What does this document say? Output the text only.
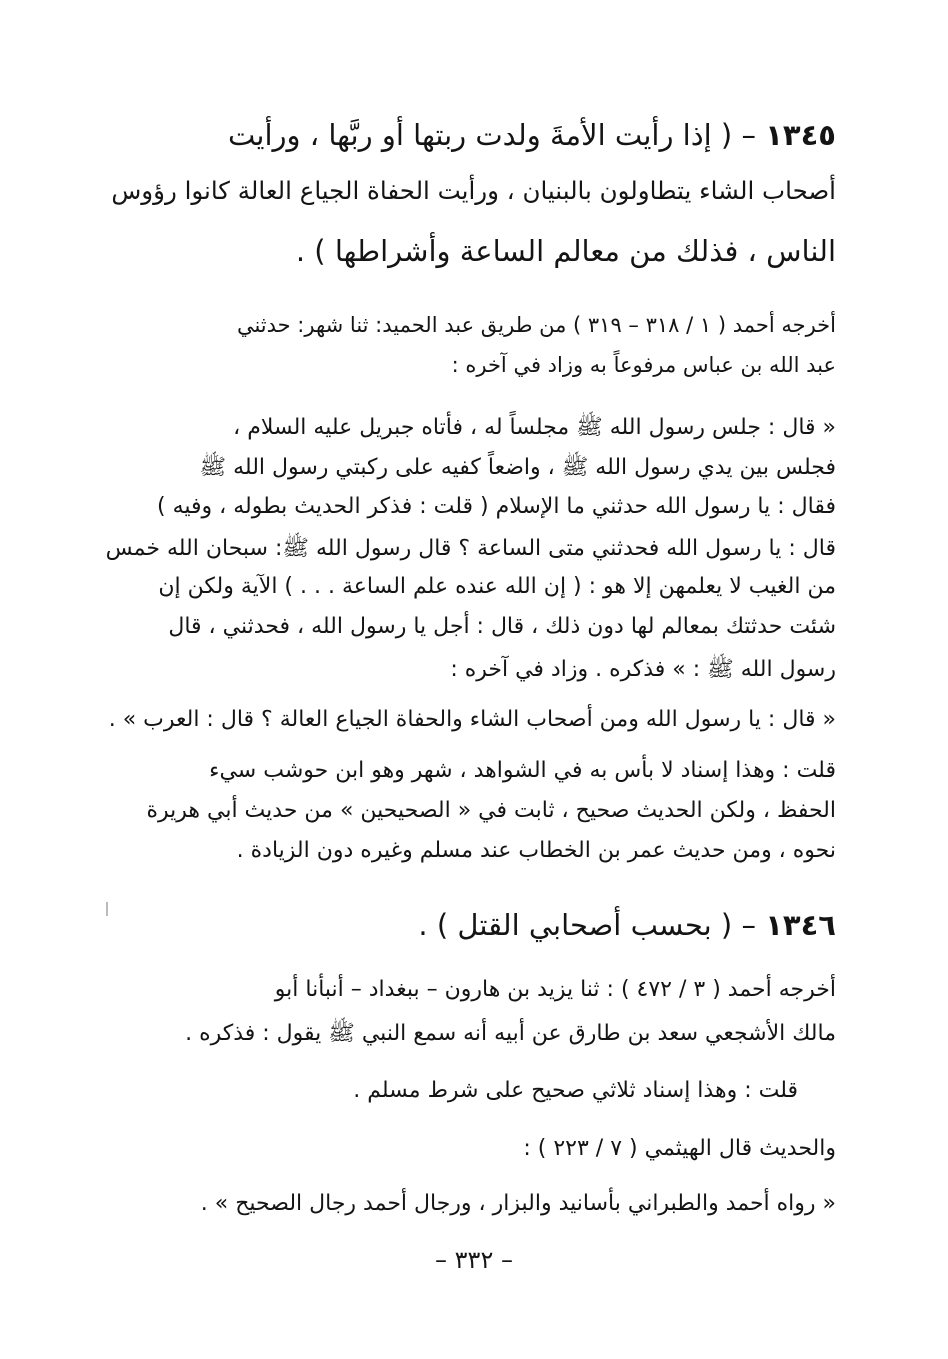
١٣٤٥ – ( إذا رأيت الأمةَ ولدت ربتها أو ربَّها ، ورأيت
أصحاب الشاء يتطاولون بالبنيان ، ورأيت الحفاة الجياع العالة كانوا رؤوس
الناس ، فذلك من معالم الساعة وأشراطها ) .
أخرجه أحمد ( ١ / ٣١٨ – ٣١٩ ) من طريق عبد الحميد: ثنا شهر: حدثني
عبد الله بن عباس مرفوعاً به وزاد في آخره :
« قال : جلس رسول الله ﷺ مجلساً له ، فأتاه جبريل عليه السلام ،
فجلس بين يدي رسول الله ﷺ ، واضعاً كفيه على ركبتي رسول الله ﷺ
فقال : يا رسول الله حدثني ما الإسلام ( قلت : فذكر الحديث بطوله ، وفيه )
قال : يا رسول الله فحدثني متى الساعة ؟ قال رسول الله ﷺ: سبحان الله خمس
من الغيب لا يعلمهن إلا هو : ( إن الله عنده علم الساعة . . . ) الآية ولكن إن
شئت حدثتك بمعالم لها دون ذلك ، قال : أجل يا رسول الله ، فحدثني ، قال
رسول الله ﷺ : » فذكره . وزاد في آخره :
« قال : يا رسول الله ومن أصحاب الشاء والحفاة الجياع العالة ؟ قال : العرب » .
قلت : وهذا إسناد لا بأس به في الشواهد ، شهر وهو ابن حوشب سيء
الحفظ ، ولكن الحديث صحيح ، ثابت في « الصحيحين » من حديث أبي هريرة
نحوه ، ومن حديث عمر بن الخطاب عند مسلم وغيره دون الزيادة .
١٣٤٦ – ( بحسب أصحابي القتل ) .
أخرجه أحمد ( ٣ / ٤٧٢ ) : ثنا يزيد بن هارون – ببغداد – أنبأنا أبو
مالك الأشجعي سعد بن طارق عن أبيه أنه سمع النبي ﷺ يقول : فذكره .
قلت : وهذا إسناد ثلاثي صحيح على شرط مسلم .
والحديث قال الهيثمي ( ٧ / ٢٢٣ ) :
« رواه أحمد والطبراني بأسانيد والبزار ، ورجال أحمد رجال الصحيح » .
– ٣٣٢ –
